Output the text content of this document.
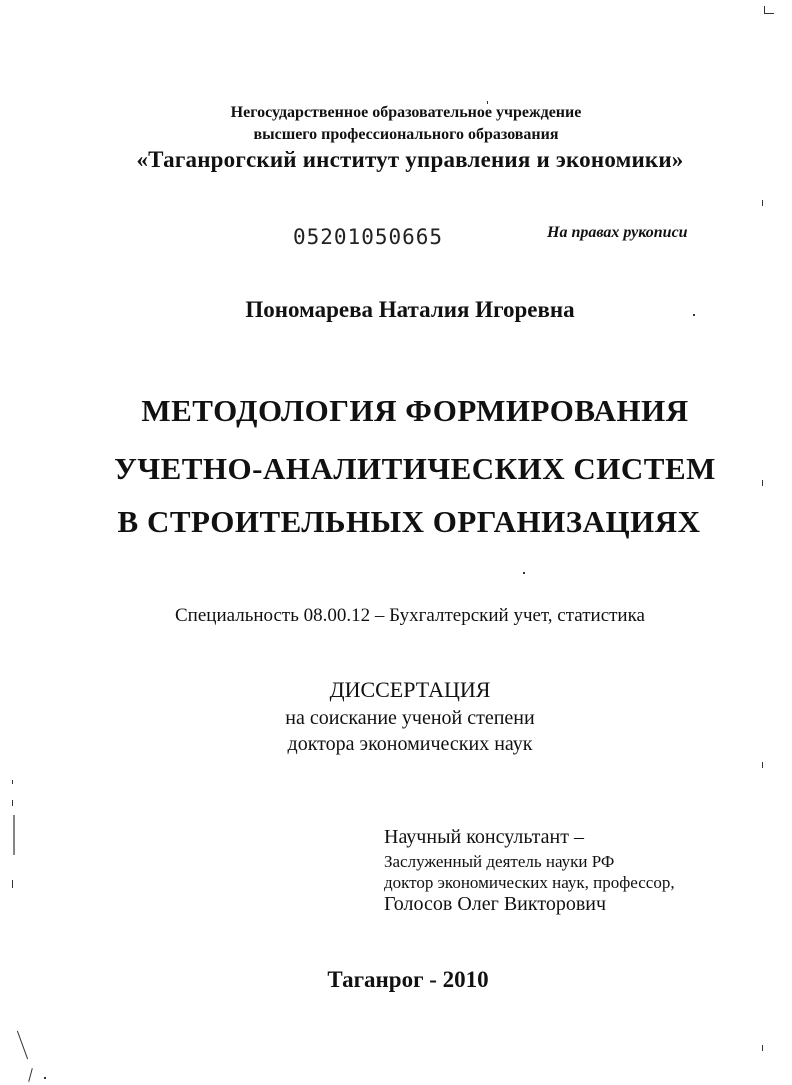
Негосударственное образовательное учреждение
высшего профессионального образования
«Таганрогский институт управления и экономики»
05201050665	На правах рукописи
Пономарева Наталия Игоревна
МЕТОДОЛОГИЯ ФОРМИРОВАНИЯ
УЧЕТНО-АНАЛИТИЧЕСКИХ СИСТЕМ
В СТРОИТЕЛЬНЫХ ОРГАНИЗАЦИЯХ
Специальность 08.00.12 – Бухгалтерский учет, статистика
ДИССЕРТАЦИЯ
на соискание ученой степени
доктора экономических наук
Научный консультант –
Заслуженный деятель науки РФ
доктор экономических наук, профессор,
Голосов Олег Викторович
Таганрог - 2010
